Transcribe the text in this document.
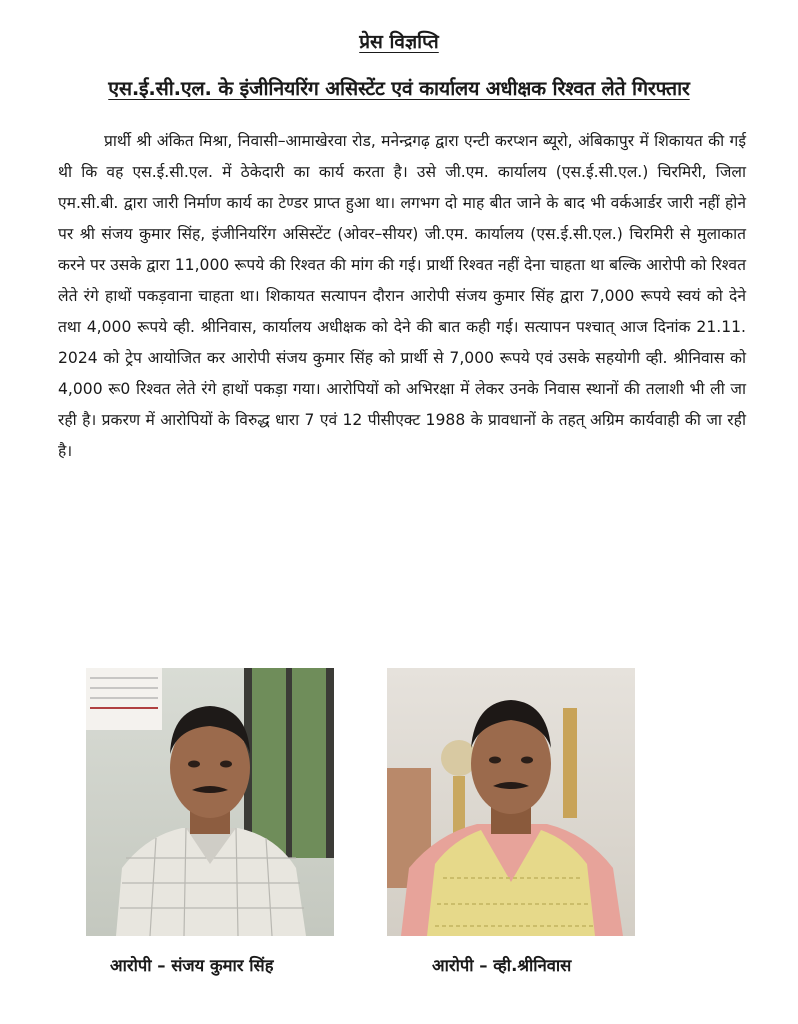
प्रेस विज्ञप्ति
एस.ई.सी.एल. के इंजीनियरिंग असिस्टेंट एवं कार्यालय अधीक्षक रिश्वत लेते गिरफ्तार

प्रार्थी श्री अंकित मिश्रा, निवासी–आमाखेरवा रोड, मनेन्द्रगढ़ द्वारा एन्टी करप्शन ब्यूरो, अंबिकापुर में शिकायत की गई थी कि वह एस.ई.सी.एल. में ठेकेदारी का कार्य करता है। उसे जी.एम. कार्यालय (एस.ई.सी.एल.) चिरमिरी, जिला एम.सी.बी. द्वारा जारी निर्माण कार्य का टेण्डर प्राप्त हुआ था। लगभग दो माह बीत जाने के बाद भी वर्कआर्डर जारी नहीं होने पर श्री संजय कुमार सिंह, इंजीनियरिंग असिस्टेंट (ओवर–सीयर) जी.एम. कार्यालय (एस.ई.सी.एल.) चिरमिरी से मुलाकात करने पर उसके द्वारा 11,000 रूपये की रिश्वत की मांग की गई। प्रार्थी रिश्वत नहीं देना चाहता था बल्कि आरोपी को रिश्वत लेते रंगे हाथों पकड़वाना चाहता था। शिकायत सत्यापन दौरान आरोपी संजय कुमार सिंह द्वारा 7,000 रूपये स्वयं को देने तथा 4,000 रूपये व्ही. श्रीनिवास, कार्यालय अधीक्षक को देने की बात कही गई। सत्यापन पश्चात् आज दिनांक 21.11. 2024 को ट्रेप आयोजित कर आरोपी संजय कुमार सिंह को प्रार्थी से 7,000 रूपये एवं उसके सहयोगी व्ही. श्रीनिवास को 4,000 रू0 रिश्वत लेते रंगे हाथों पकड़ा गया। आरोपियों को अभिरक्षा में लेकर उनके निवास स्थानों की तलाशी भी ली जा रही है। प्रकरण में आरोपियों के विरुद्ध धारा 7 एवं 12 पीसीएक्ट 1988 के प्रावधानों के तहत् अग्रिम कार्यवाही की जा रही है।

आरोपी – संजय कुमार सिंह	आरोपी – व्ही.श्रीनिवास
